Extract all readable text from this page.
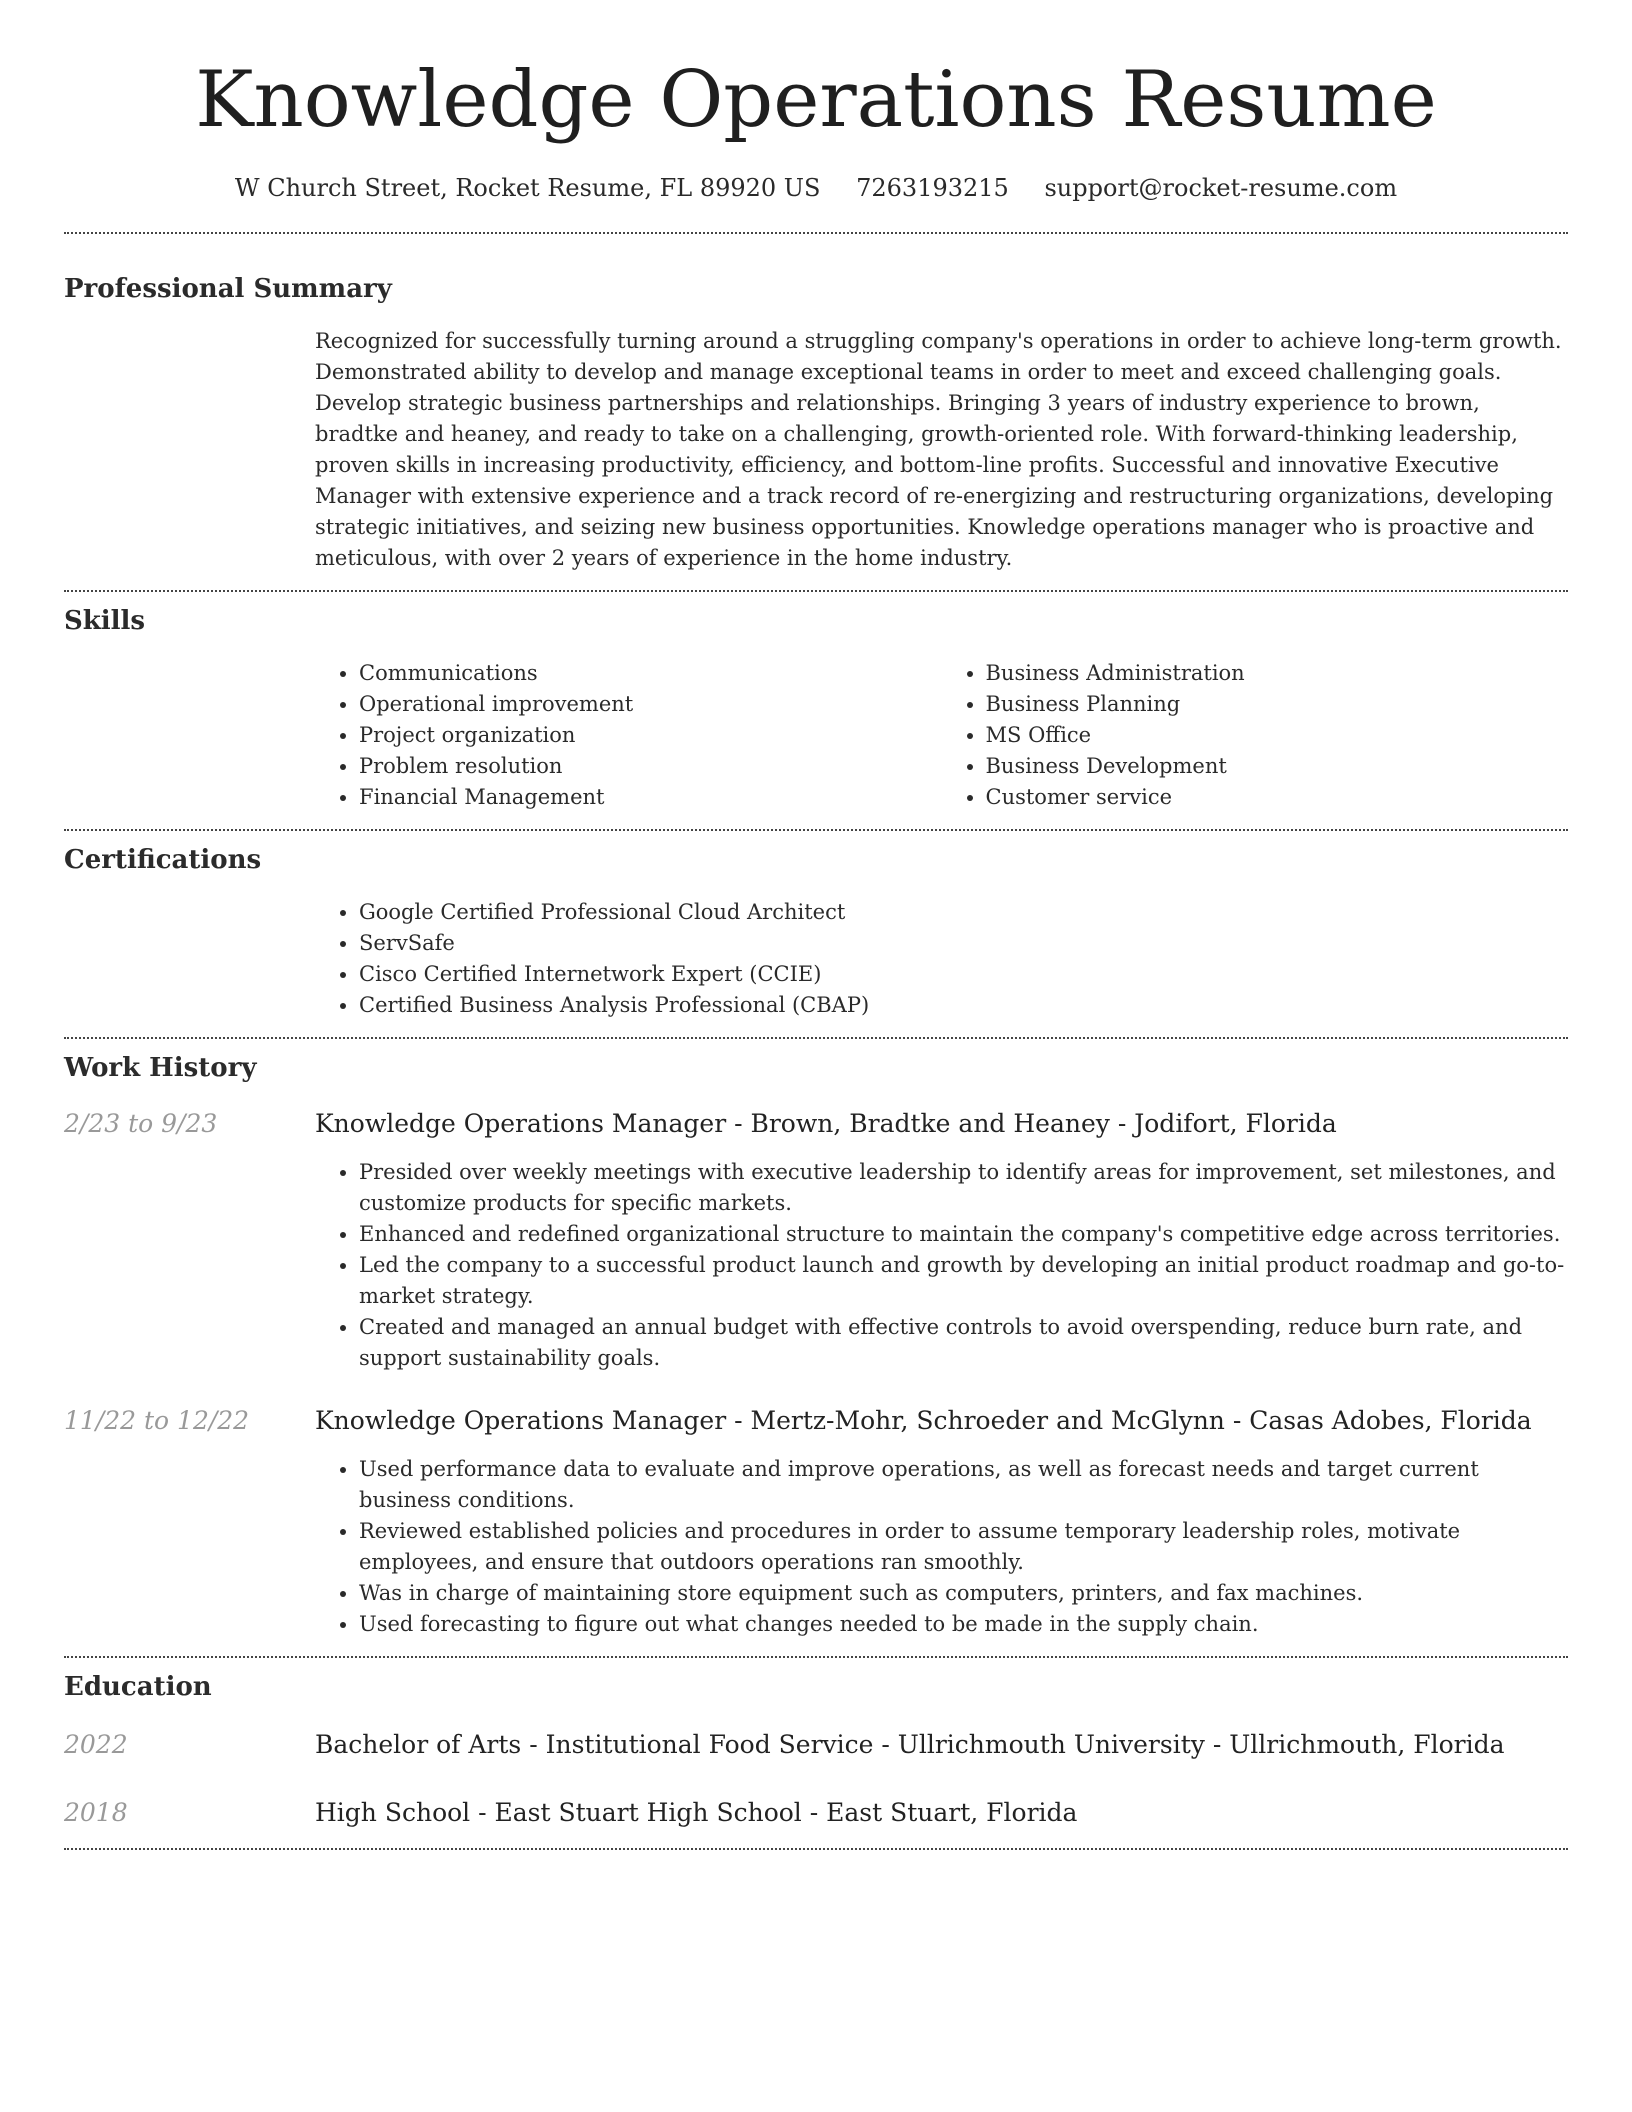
Knowledge Operations Resume
W Church Street, Rocket Resume, FL 89920 US 7263193215 support@rocket-resume.com
Professional Summary

Recognized for successfully turning around a struggling company's operations in order to achieve long-term growth. Demonstrated ability to develop and manage exceptional teams in order to meet and exceed challenging goals. Develop strategic business partnerships and relationships. Bringing 3 years of industry experience to brown, bradtke and heaney, and ready to take on a challenging, growth-oriented role. With forward-thinking leadership, proven skills in increasing productivity, efficiency, and bottom-line profits. Successful and innovative Executive Manager with extensive experience and a track record of re-energizing and restructuring organizations, developing strategic initiatives, and seizing new business opportunities. Knowledge operations manager who is proactive and meticulous, with over 2 years of experience in the home industry.

Skills
• Communications
• Operational improvement
• Project organization
• Problem resolution
• Financial Management
• Business Administration
• Business Planning
• MS Office
• Business Development
• Customer service
Certifications
• Google Certified Professional Cloud Architect
• ServSafe
• Cisco Certified Internetwork Expert (CCIE)
• Certified Business Analysis Professional (CBAP)
Work History
2/23 to 9/23	Knowledge Operations Manager - Brown, Bradtke and Heaney - Jodifort, Florida
• Presided over weekly meetings with executive leadership to identify areas for improvement, set milestones, and customize products for specific markets.
• Enhanced and redefined organizational structure to maintain the company's competitive edge across territories.
• Led the company to a successful product launch and growth by developing an initial product roadmap and go-to-market strategy.
• Created and managed an annual budget with effective controls to avoid overspending, reduce burn rate, and support sustainability goals.
11/22 to 12/22	Knowledge Operations Manager - Mertz-Mohr, Schroeder and McGlynn - Casas Adobes, Florida
• Used performance data to evaluate and improve operations, as well as forecast needs and target current business conditions.
• Reviewed established policies and procedures in order to assume temporary leadership roles, motivate employees, and ensure that outdoors operations ran smoothly.
• Was in charge of maintaining store equipment such as computers, printers, and fax machines.
• Used forecasting to figure out what changes needed to be made in the supply chain.
Education
2022	Bachelor of Arts - Institutional Food Service - Ullrichmouth University - Ullrichmouth, Florida
2018	High School - East Stuart High School - East Stuart, Florida
